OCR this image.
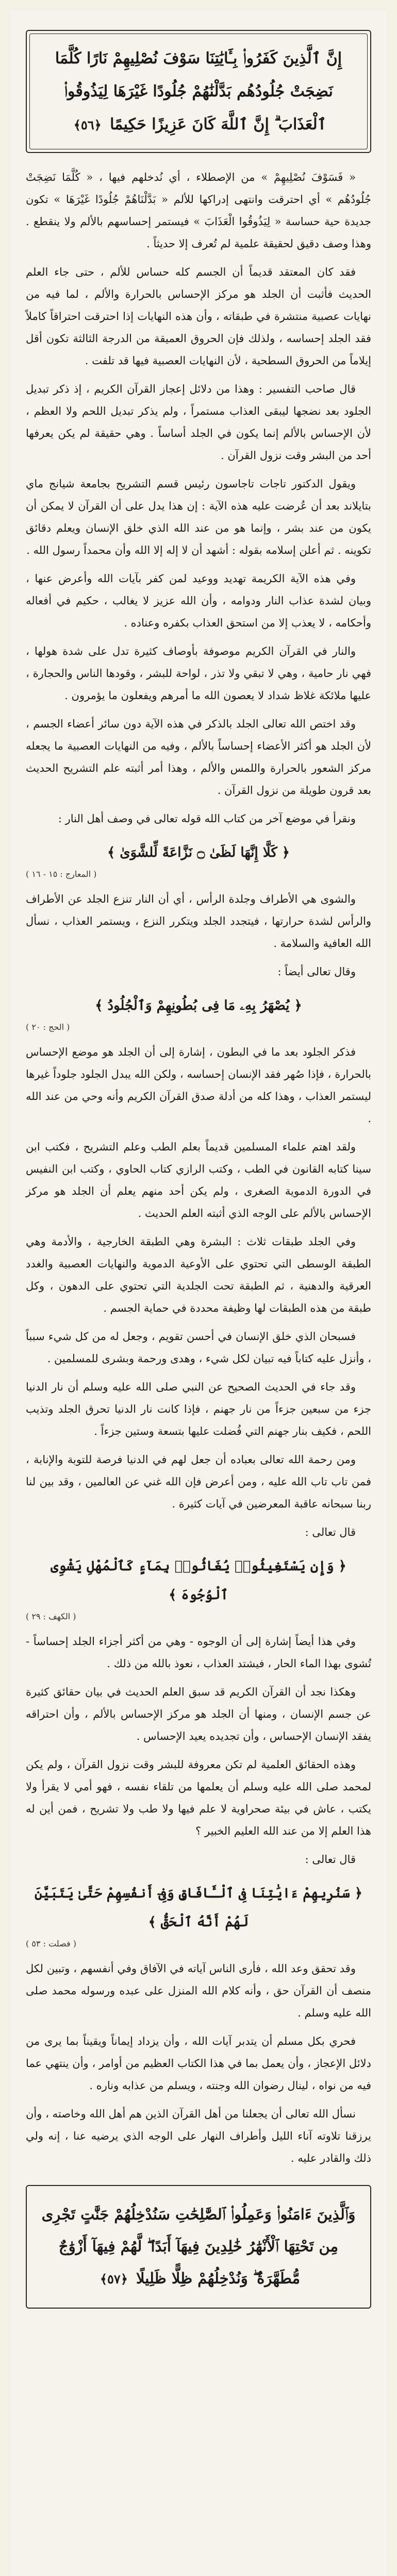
إِنَّ ٱلَّذِينَ كَفَرُوا۟ بِـَٔايَٰتِنَا سَوْفَ نُصْلِيهِمْ نَارًا كُلَّمَا نَضِجَتْ جُلُودُهُم بَدَّلْنَٰهُمْ جُلُودًا غَيْرَهَا لِيَذُوقُوا۟ ٱلْعَذَابَ ۗ إِنَّ ٱللَّهَ كَانَ عَزِيزًا حَكِيمًا ﴿٥٦﴾

« فَسَوْفَ نُصْلِيهِمْ » من الإصطلاء ، أي نُدخلهم فيها ، « كُلَّمَا نَضِجَتْ جُلُودُهُم » أي احترقت وانتهى إدراكها للألم « بَدَّلْنَاهُمْ جُلُودًا غَيْرَهَا » تكون جديدة حية حساسة « لِيَذُوقُوا الْعَذَابَ » فيستمر إحساسهم بالألم ولا ينقطع . وهذا وصف دقيق لحقيقة علمية لم تُعرف إلا حديثاً .

فقد كان المعتقد قديماً أن الجسم كله حساس للألم ، حتى جاء العلم الحديث فأثبت أن الجلد هو مركز الإحساس بالحرارة والألم ، لما فيه من نهايات عصبية منتشرة في طبقاته ، وأن هذه النهايات إذا احترقت احتراقاً كاملاً فقد الجلد إحساسه ، ولذلك فإن الحروق العميقة من الدرجة الثالثة تكون أقل إيلاماً من الحروق السطحية ، لأن النهايات العصبية فيها قد تلفت .

قال صاحب التفسير : وهذا من دلائل إعجاز القرآن الكريم ، إذ ذكر تبديل الجلود بعد نضجها ليبقى العذاب مستمراً ، ولم يذكر تبديل اللحم ولا العظم ، لأن الإحساس بالألم إنما يكون في الجلد أساساً . وهي حقيقة لم يكن يعرفها أحد من البشر وقت نزول القرآن .

ويقول الدكتور تاجات تاجاسون رئيس قسم التشريح بجامعة شيانج ماي بتايلاند بعد أن عُرضت عليه هذه الآية : إن هذا يدل على أن القرآن لا يمكن أن يكون من عند بشر ، وإنما هو من عند الله الذي خلق الإنسان ويعلم دقائق تكوينه . ثم أعلن إسلامه بقوله : أشهد أن لا إله إلا الله وأن محمداً رسول الله .

وفي هذه الآية الكريمة تهديد ووعيد لمن كفر بآيات الله وأعرض عنها ، وبيان لشدة عذاب النار ودوامه ، وأن الله عزيز لا يغالب ، حكيم في أفعاله وأحكامه ، لا يعذب إلا من استحق العذاب بكفره وعناده .

والنار في القرآن الكريم موصوفة بأوصاف كثيرة تدل على شدة هولها ، فهي نار حامية ، وهي لا تبقي ولا تذر ، لواحة للبشر ، وقودها الناس والحجارة ، عليها ملائكة غلاظ شداد لا يعصون الله ما أمرهم ويفعلون ما يؤمرون .

وقد اختص الله تعالى الجلد بالذكر في هذه الآية دون سائر أعضاء الجسم ، لأن الجلد هو أكثر الأعضاء إحساساً بالألم ، وفيه من النهايات العصبية ما يجعله مركز الشعور بالحرارة واللمس والألم ، وهذا أمر أثبته علم التشريح الحديث بعد قرون طويلة من نزول القرآن .

ونقرأ في موضع آخر من كتاب الله قوله تعالى في وصف أهل النار :

﴿ كَلَّا إِنَّهَا لَظَىٰ ۝ نَزَّاعَةً لِّلشَّوَىٰ ﴾
( المعارج : ١٥ - ١٦ )

والشوى هي الأطراف وجلدة الرأس ، أي أن النار تنزع الجلد عن الأطراف والرأس لشدة حرارتها ، فيتجدد الجلد ويتكرر النزع ، ويستمر العذاب ، نسأل الله العافية والسلامة .

وقال تعالى أيضاً :

﴿ يُصْهَرُ بِهِۦ مَا فِى بُطُونِهِمْ وَٱلْجُلُودُ ﴾
( الحج : ٢٠ )

فذكر الجلود بعد ما في البطون ، إشارة إلى أن الجلد هو موضع الإحساس بالحرارة ، فإذا صُهر فقد الإنسان إحساسه ، ولكن الله يبدل الجلود جلوداً غيرها ليستمر العذاب ، وهذا كله من أدلة صدق القرآن الكريم وأنه وحي من عند الله .

ولقد اهتم علماء المسلمين قديماً بعلم الطب وعلم التشريح ، فكتب ابن سينا كتابه القانون في الطب ، وكتب الرازي كتاب الحاوي ، وكتب ابن النفيس في الدورة الدموية الصغرى ، ولم يكن أحد منهم يعلم أن الجلد هو مركز الإحساس بالألم على الوجه الذي أثبته العلم الحديث .

وفي الجلد طبقات ثلاث : البشرة وهي الطبقة الخارجية ، والأدمة وهي الطبقة الوسطى التي تحتوي على الأوعية الدموية والنهايات العصبية والغدد العرقية والدهنية ، ثم الطبقة تحت الجلدية التي تحتوي على الدهون ، وكل طبقة من هذه الطبقات لها وظيفة محددة في حماية الجسم .

فسبحان الذي خلق الإنسان في أحسن تقويم ، وجعل له من كل شيء سبباً ، وأنزل عليه كتاباً فيه تبيان لكل شيء ، وهدى ورحمة وبشرى للمسلمين .

وقد جاء في الحديث الصحيح عن النبي صلى الله عليه وسلم أن نار الدنيا جزء من سبعين جزءاً من نار جهنم ، فإذا كانت نار الدنيا تحرق الجلد وتذيب اللحم ، فكيف بنار جهنم التي فُضلت عليها بتسعة وستين جزءاً .

ومن رحمة الله تعالى بعباده أن جعل لهم في الدنيا فرصة للتوبة والإنابة ، فمن تاب تاب الله عليه ، ومن أعرض فإن الله غني عن العالمين ، وقد بين لنا ربنا سبحانه عاقبة المعرضين في آيات كثيرة .

قال تعالى :

﴿ وَإِن يَسْتَغِيثُوا۟ يُغَاثُوا۟ بِمَآءٍ كَٱلْمُهْلِ يَشْوِى ٱلْوُجُوهَ ﴾
( الكهف : ٢٩ )

وفي هذا أيضاً إشارة إلى أن الوجوه - وهي من أكثر أجزاء الجلد إحساساً - تُشوى بهذا الماء الحار ، فيشتد العذاب ، نعوذ بالله من ذلك .

وهكذا نجد أن القرآن الكريم قد سبق العلم الحديث في بيان حقائق كثيرة عن جسم الإنسان ، ومنها أن الجلد هو مركز الإحساس بالألم ، وأن احتراقه يفقد الإنسان الإحساس ، وأن تجديده يعيد الإحساس .

وهذه الحقائق العلمية لم تكن معروفة للبشر وقت نزول القرآن ، ولم يكن لمحمد صلى الله عليه وسلم أن يعلمها من تلقاء نفسه ، فهو أمي لا يقرأ ولا يكتب ، عاش في بيئة صحراوية لا علم فيها ولا طب ولا تشريح ، فمن أين له هذا العلم إلا من عند الله العليم الخبير ؟

قال تعالى :

﴿ سَنُرِيهِمْ ءَايَٰتِنَا فِى ٱلْـَٔافَاقِ وَفِىٓ أَنفُسِهِمْ حَتَّىٰ يَتَبَيَّنَ لَهُمْ أَنَّهُ ٱلْحَقُّ ﴾
( فصلت : ٥٣ )

وقد تحقق وعد الله ، فأرى الناس آياته في الآفاق وفي أنفسهم ، وتبين لكل منصف أن القرآن حق ، وأنه كلام الله المنزل على عبده ورسوله محمد صلى الله عليه وسلم .

فحري بكل مسلم أن يتدبر آيات الله ، وأن يزداد إيماناً ويقيناً بما يرى من دلائل الإعجاز ، وأن يعمل بما في هذا الكتاب العظيم من أوامر ، وأن ينتهي عما فيه من نواه ، لينال رضوان الله وجنته ، ويسلم من عذابه وناره .

نسأل الله تعالى أن يجعلنا من أهل القرآن الذين هم أهل الله وخاصته ، وأن يرزقنا تلاوته آناء الليل وأطراف النهار على الوجه الذي يرضيه عنا ، إنه ولي ذلك والقادر عليه .

وَٱلَّذِينَ ءَامَنُوا۟ وَعَمِلُوا۟ ٱلصَّٰلِحَٰتِ سَنُدْخِلُهُمْ جَنَّٰتٍ تَجْرِى مِن تَحْتِهَا ٱلْأَنْهَٰرُ خَٰلِدِينَ فِيهَآ أَبَدًا ۖ لَّهُمْ فِيهَآ أَزْوَٰجٌ مُّطَهَّرَةٌ ۖ وَنُدْخِلُهُمْ ظِلًّا ظَلِيلًا ﴿٥٧﴾
